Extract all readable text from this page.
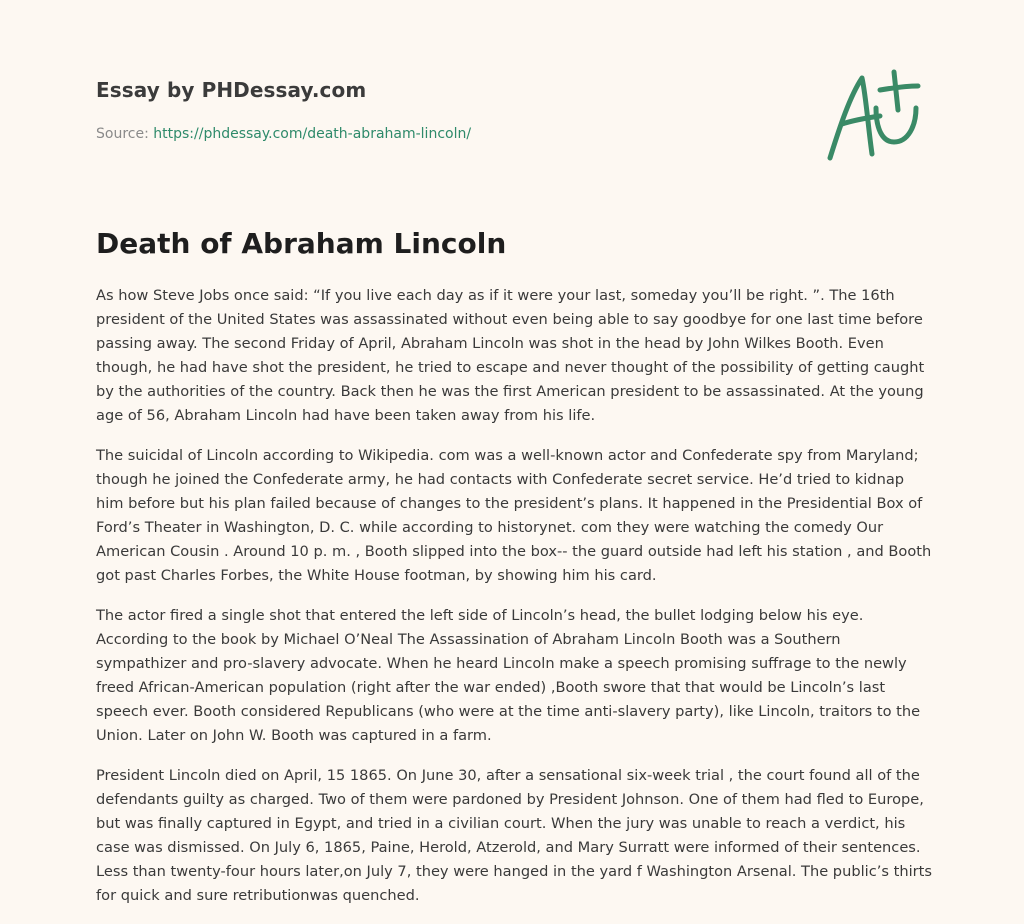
Essay by PHDessay.com
Source: https://phdessay.com/death-abraham-lincoln/
Death of Abraham Lincoln

As how Steve Jobs once said: “If you live each day as if it were your last, someday you’ll be right. ”. The 16th president of the United States was assassinated without even being able to say goodbye for one last time before passing away. The second Friday of April, Abraham Lincoln was shot in the head by John Wilkes Booth. Even though, he had have shot the president, he tried to escape and never thought of the possibility of getting caught by the authorities of the country. Back then he was the first American president to be assassinated. At the young age of 56, Abraham Lincoln had have been taken away from his life.

The suicidal of Lincoln according to Wikipedia. com was a well-known actor and Confederate spy from Maryland; though he joined the Confederate army, he had contacts with Confederate secret service. He’d tried to kidnap him before but his plan failed because of changes to the president’s plans. It happened in the Presidential Box of Ford’s Theater in Washington, D. C. while according to historynet. com they were watching the comedy Our American Cousin . Around 10 p. m. , Booth slipped into the box-- the guard outside had left his station , and Booth got past Charles Forbes, the White House footman, by showing him his card.

The actor fired a single shot that entered the left side of Lincoln’s head, the bullet lodging below his eye. According to the book by Michael O’Neal The Assassination of Abraham Lincoln Booth was a Southern sympathizer and pro-slavery advocate. When he heard Lincoln make a speech promising suffrage to the newly freed African-American population (right after the war ended) ,Booth swore that that would be Lincoln’s last speech ever. Booth considered Republicans (who were at the time anti-slavery party), like Lincoln, traitors to the Union. Later on John W. Booth was captured in a farm.

President Lincoln died on April, 15 1865. On June 30, after a sensational six-week trial , the court found all of the defendants guilty as charged. Two of them were pardoned by President Johnson. One of them had fled to Europe, but was finally captured in Egypt, and tried in a civilian court. When the jury was unable to reach a verdict, his case was dismissed. On July 6, 1865, Paine, Herold, Atzerold, and Mary Surratt were informed of their sentences. Less than twenty-four hours later,on July 7, they were hanged in the yard f Washington Arsenal. The public’s thirts for quick and sure retributionwas quenched.
